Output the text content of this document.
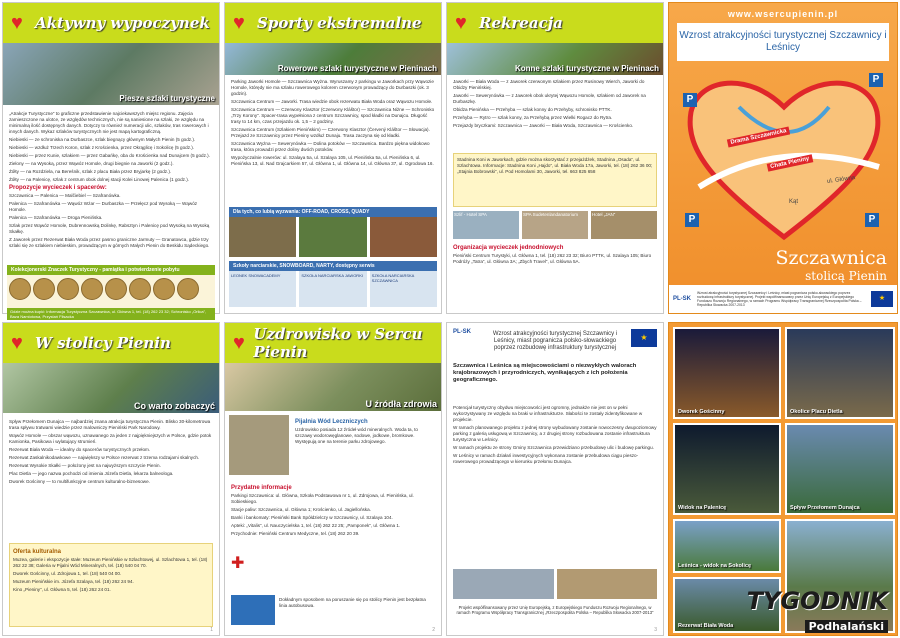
♥ Aktywny wypoczynek
Piesze szlaki turystyczne

„Atrakcje Turystyczne” to graficzne przedstawienie najciekawszych miejsc regionu. Zajęcia zamieszczone na ulotce, ze względów technicznych, nie są naniesione na szlaki, ze względu na minimalną ilość dostępnych danych. Dotyczy to również numeracji ulic, szlaków, tras rowerowych i innych danych. Wykaz szlaków turystycznych nie jest mapą kartograficzną.

Niebieski — ze schroniska na Durbaszce, szlak biegnący głównym Małych Pienin (5 godz.).

Niebieski — wzdłuż Trzech Koron, szlak z Krościenka, przez Okrąglicę i Sokolicę (5 godz.).

Niebieski — przez Kunie, szlakiem — przez Gabańkę, oba do Krościenka nad Dunajcem (5 godz.).

Zielony — na Wysoką, przez Wąwóz Homole, drugi biegnie na Jaworki (2 godz.).

Żółty — na Rozdziela, na Bereśnik, szlak z placu Biała przez Bryjarkę (2 godz.).

Żółty — na Palenicę, szlak z centrum obok dolnej stacji Kolei Linowej Palenica (1 godz.).

Propozycje wycieczek i spacerów:

Szczawnica — Palenica — Malčiebiel — Szafranówka.

Palenica — Szafranówka — Wąwóz Wżar — Durbaszka — Przełęcz pod Wysoką — Wąwóz Homole.

Palenica — Szafranówka — Droga Pienińska.

Szlak przez Wąwóz Homole, Dubrennowską Dolinkę, Rabsztyn i Palenicę pod Wysoką na Wysoką Skałkę.

Z Jaworek przez Rezerwat Biała Woda przez pasmo graniczne Jarmuty — Granatowca, gdzie trzy szlaki się ze szlakiem niebieskim, prowadzącym w górnych Małych Pienin do Beskidu Sądeckiego.

Kolekcjonerski Znaczek Turystyczny - pamiątka i potwierdzenie pobytu
Gdzie można kupić: Informacja Turystyczna Szczawnica, ul. Główna 1, tel. (18) 262 23 32; Schronisko „Orlica”, Baza Namiotowa, Przystań Flisacka
♥ Sporty ekstremalne
Rowerowe szlaki turystyczne w Pieninach

Parking Jaworki Homole — Szczawnica Wyżna. Wyruszamy z parkingu w Jaworkach przy Wąwozie Homole, którędy nie ma szlaku rowerowego kolorem czerwonym prowadzący do Durbaszki (ok. 3 godzin).

Szczawnica Centrum — Jaworki. Trasa wiedzie obok rezerwatu Biała Woda oraz Wąwozu Homole.

Szczawnica Centrum — Czerwony Klasztor (Czerwony Kláštor) — Szczawnica Niżne — Schronisko „Trzy Korony”. Spacer-trasa wypełniona z centrum Szczawnicy, spod kładki na Dunajcu. Długość trasy to 14 km, czas przejazdu ok. 1,5 – 2 godziny.

Szczawnica Centrum (Szlakiem Pienińskim) — Czerwony Klasztor (Červený Kláštor — Słowacja). Przejazd ze Szczawnicy przez Pieniny wzdłuż Dunaju. Trasa zaczyna się od kładki.

Szczawnica Wyżna — Sewerynówka — Dolina potoków — Szczawnica. Bardzo piękna widokowo trasa, która prowadzi przez doliny dwóch potoków.

Wypożyczalnie rowerów: ul. Szalaya 5a, ul. Szalaya 105, ul. Pienińska 5a, ul. Pienińska 6, ul. Pienińska 13, ul. Nad Grajcarkiem 57, ul. Główna 1, ul. Główna 14, ul. Główna 37, ul. Ogrodowa 16.

Dla tych, co lubią wyzwania: OFF-ROAD, CROSS, QUADY
Szkoły narciarskie, SNOWBOARD, NARTY, dostępny serwis
LEONEK SNOWACADEMY	SZKOŁA NARCIARSKA JAWORKI	SZKOŁA NARCIARSKA SZCZAWNICA
♥ Rekreacja
Konne szlaki turystyczne w Pieninach

Jaworki — Biała Woda — z Jaworek czerwonym szlakiem przez Rusinowy Wierch, Jaworki do Obidzy Pienińskiej.

Jaworki — Sewerynówka — z Jaworek obok ukrytej Wąwozu Homole, szlakiem od Jaworek na Durbaszkę.

Obidza Pienińska — Przehyba — szlak konny do Przehyby, schronisko PTTK.

Przehyba — Rytro — szlak konny, za Przehybą przez Wielki Rogacz do Rytra.

Przejazdy bryczkami: Szczawnica — Jaworki — Biała Woda, Szczawnica — Krościenko.

Stadnina Koni w Jaworkach, gdzie można skorzystać z przejażdżek, Stadnina „Osada”, ul. Szlachtowa. Informacje: Stadnina Koni „Hajdo”, ul. Biała Woda 17a, Jaworki, tel. (18) 262 36 00; „Stajnia Bobrowski”, ul. Pod Homolami 30, Jaworki, tel. 663 825 658
Szlif - Hotel SPA	SPA Sudetenlandanatorium	Hotel „JAN”
Organizacja wycieczek jednodniowych

Pieniński Centrum Turystyki, ul. Główna 1, tel. (18) 262 23 32; Biuro PTTK, ul. Szalaya 105; Biuro Podróży „Tatra”, ul. Główna 3A; „Zbych Travel”, ul. Główna 5A.

www.wsercupienin.pl
Wzrost atrakcyjności turystycznej Szczawnicy i Leśnicy
P
P
P	P
Drama Szczawnicka
Chata Pieniny
ul. Główna
Kąt
Szczawnica
stolicą Pienin
PL-SK
Wzrost atrakcyjności turystycznej Szczawnicy i Leśnicy, miast pogranicza polsko-słowackiego poprzez rozbudowę infrastruktury turystycznej. Projekt współfinansowany przez Unię Europejską z Europejskiego Funduszu Rozwoju Regionalnego, w ramach Programu Współpracy Transgranicznej Rzeczpospolita Polska – Republika Słowacka 2007-2013
★
♥ W stolicy Pienin
Co warto zobaczyć

Spływ Przełomem Dunajca — najbardziej znana atrakcja turystyczna Pienin. Blisko 30-kilometrowa trasa spływu tratwami wiedzie przez malowniczy Pieniński Park Narodowy.

Wąwóz Homole — obszar wąwozu, uznawanego za jeden z najpiękniejszych w Polsce, gdzie potok Kamionka, Pasikowa i wylatujący strumień.

Rezerwat Biała Woda — idealny do spacerów turystycznych przełom.

Rezerwat Zaskalnikodawkowe — największy w Polsce rezerwat z trzema rodzajami skalnych.

Rezerwat Wysokie Skałki — położony jest na najwyższym szczycie Pienin.

Plac Dietla — jego nazwa pochodzi od imienia Józefa Dietla, lekarza balneologa.

Dworek Gościnny — to multifunkcyjne centrum kulturalno-biznesowe.

Oferta kulturalna

Muzea, galerie i ekspozycje stałe: Muzeum Pienińskie w Szlachtowej, ul. Szlachtowa 1, tel. (18) 262 22 38; Galeria w Pijalni Wód Mineralnych, tel. (18) 540 04 70.

Dworek Gościnny, ul. Zdrojowa 1, tel. (18) 540 04 00.

Muzeum Pienińskie im. Józefa Szalaya, tel. (18) 262 24 94.

Kino „Pieniny”, ul. Główna 5, tel. (18) 262 24 01.

1
♥ Uzdrowisko w Sercu Pienin
U źródła zdrowia
Pijalnia Wód Leczniczych

Uzdrowisko posiada 12 źródeł wód mineralnych. Woda ta, to szczawy wodorowęglanowe, sodowe, jodkowe, bromkowe. Występują one na terenie parku zdrojowego.

Przydatne informacje

Parkingi Szczawnica: ul. Główna, Szkoła Podstawowa nr 1, ul. Zdrojowa, ul. Pienińska, ul. Sobieskiego.

Stacje paliw: Szczawnica, ul. Główna 1; Krościenko, ul. Jagiellońska.

Banki i bankomaty: Pieniński Bank Spółdzielczy w Szczawnicy, ul. Szalaya 104.

Apteki: „Vitalis”, ul. Nauczycielska 1, tel. (18) 262 22 25; „Pamponek”, ul. Główna 1.

Przychodnie: Pieniński Centrum Medyczne, tel. (18) 262 20 39.

✚
Dokładnym sposobem na poruszanie się po stolicy Pienin jest bezpłatna linia autobusowa.
2
PL-SK	Wzrost atrakcyjności turystycznej Szczawnicy i Leśnicy, miast pogranicza polsko-słowackiego poprzez rozbudowę infrastruktury turystycznej
★
Szczawnica i Leśnica są miejscowościami o niezwykłych walorach krajobrazowych i przyrodniczych, wynikających z ich położenia geograficznego.

Potencjał turystyczny obydwu miejscowości jest ogromny, jednakże nie jest on w pełni wykorzystywany ze względu na braki w infrastrukturze. Słabości te zostały zidentyfikowane w projekcie.

W ramach planowanego projektu z jednej strony wybudowany zostanie nowoczesny dwupoziomowy parking z galerią usługową w Szczawnicy, a z drugiej strony rozbudowana zostanie infrastruktura turystyczna w Leśnicy.

W ramach projektu ze strony Gminy Szczawnica przewidziano przebudowę ulic i budowę parkingu.

W Leśnicy w ramach działań inwestycyjnych wykonana zostanie przebudowa ciągu pieszo-rowerowego prowadzącego w kierunku przełomu Dunajca.

Projekt współfinansowany przez Unię Europejską, z Europejskiego Funduszu Rozwoju Regionalnego, w ramach Programu Współpracy Transgranicznej „Rzeczpospolita Polska – Republika Słowacka 2007-2013”
3
Dworek Gościnny	Okolice Placu Dietla
Widok na Palenicę	Spływ Przełomem Dunajca
Leśnica - widok na Sokolicę
Rezerwat Biała Woda
TYGODNIK
Podhalański
